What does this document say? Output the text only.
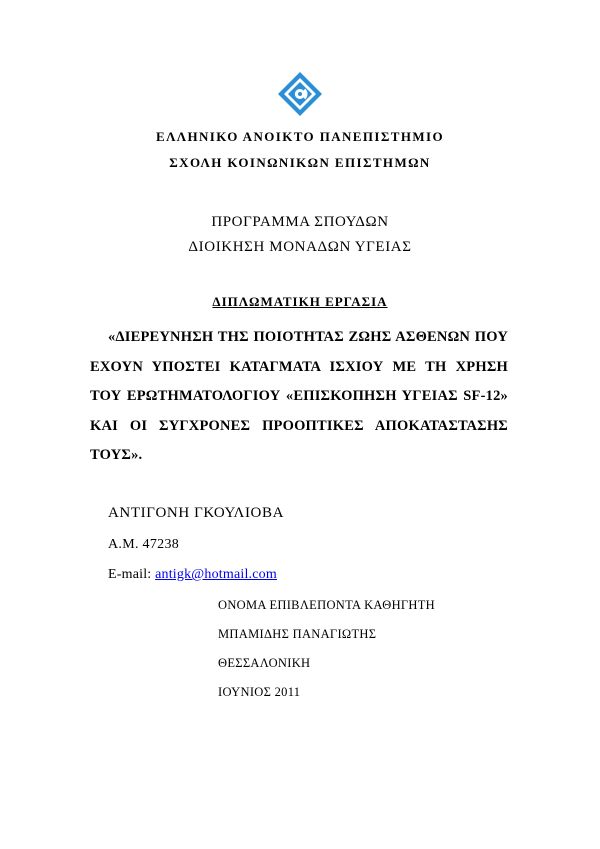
ΕΛΛΗΝΙΚΟ ΑΝΟΙΚΤΟ ΠΑΝΕΠΙΣΤΗΜΙΟ
ΣΧΟΛΗ ΚΟΙΝΩΝΙΚΩΝ ΕΠΙΣΤΗΜΩΝ
ΠΡΟΓΡΑΜΜΑ ΣΠΟΥΔΩΝ
ΔΙΟΙΚΗΣΗ ΜΟΝΑΔΩΝ ΥΓΕΙΑΣ
ΔΙΠΛΩΜΑΤΙΚΗ ΕΡΓΑΣΙΑ
«ΔΙΕΡΕΥΝΗΣΗ ΤΗΣ ΠΟΙΟΤΗΤΑΣ ΖΩΗΣ ΑΣΘΕΝΩΝ ΠΟΥ ΕΧΟΥΝ ΥΠΟΣΤΕΙ ΚΑΤΑΓΜΑΤΑ ΙΣΧΙΟΥ ΜΕ ΤΗ ΧΡΗΣΗ ΤΟΥ ΕΡΩΤΗΜΑΤΟΛΟΓΙΟΥ «ΕΠΙΣΚΟΠΗΣΗ ΥΓΕΙΑΣ SF-12» ΚΑΙ ΟΙ ΣΥΓΧΡΟΝΕΣ ΠΡΟΟΠΤΙΚΕΣ ΑΠΟΚΑΤΑΣΤΑΣΗΣ ΤΟΥΣ».
ΑΝΤΙΓΟΝΗ ΓΚΟΥΛΙΟΒΑ
Α.Μ. 47238
E-mail: antigk@hotmail.com
ΟΝΟΜΑ ΕΠΙΒΛΕΠΟΝΤΑ ΚΑΘΗΓΗΤΗ
ΜΠΑΜΙΔΗΣ ΠΑΝΑΓΙΩΤΗΣ
ΘΕΣΣΑΛΟΝΙΚΗ
ΙΟΥΝΙΟΣ 2011
